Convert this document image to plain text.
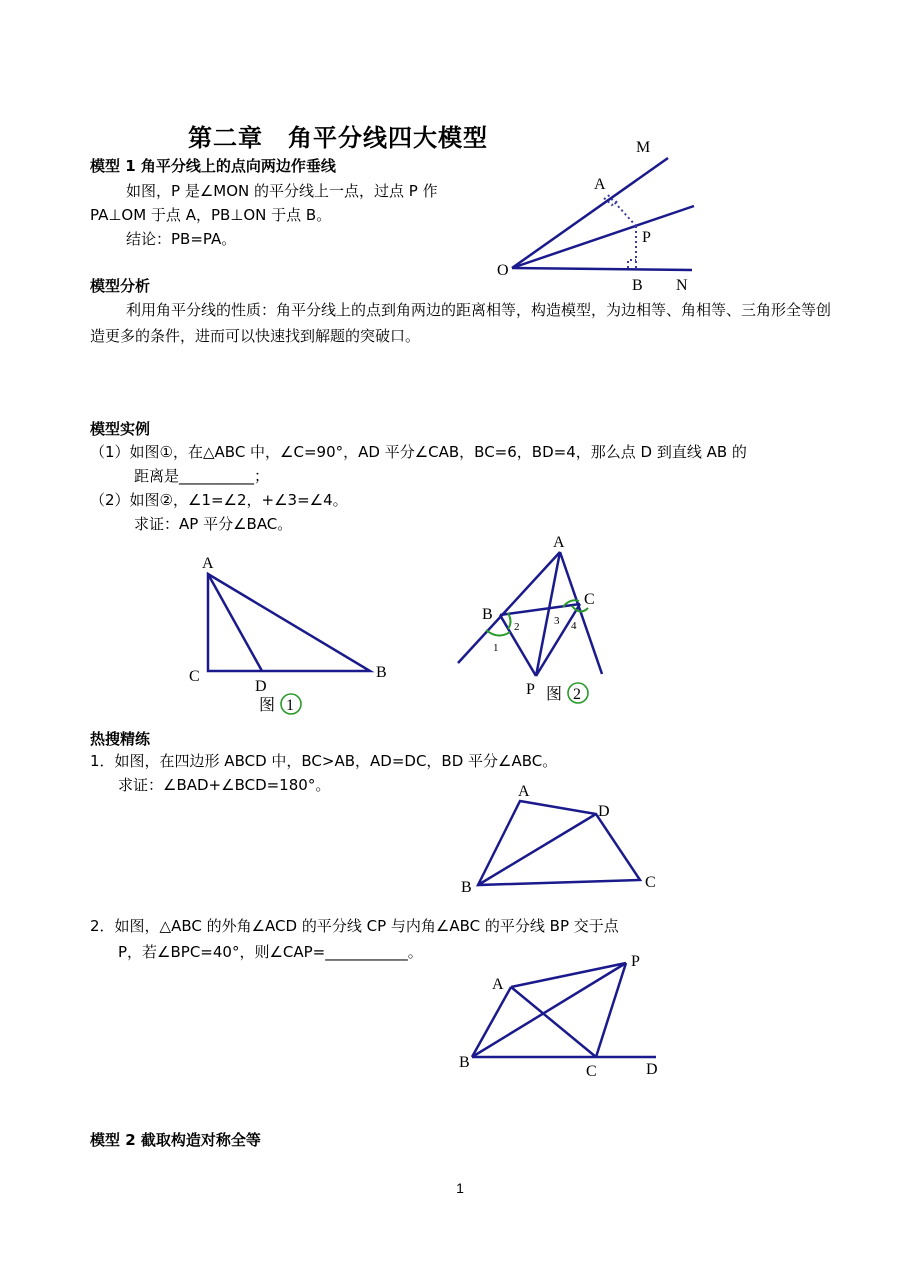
第二章　角平分线四大模型
模型 1 角平分线上的点向两边作垂线
如图，P 是∠MON 的平分线上一点，过点 P 作
PA⊥OM 于点 A，PB⊥ON 于点 B。
结论：PB=PA。
M
A
P
O
B N
模型分析
利用角平分线的性质：角平分线上的点到角两边的距离相等，构造模型，为边相等、角相等、三角形全等创造更多的条件，进而可以快速找到解题的突破口。
模型实例
（1）如图①，在△ABC 中，∠C=90°，AD 平分∠CAB，BC=6，BD=4，那么点 D 到直线 AB 的
距离是__________；
（2）如图②，∠1=∠2，+∠3=∠4。
求证：AP 平分∠BAC。
A
C
D
B
图 1
A
B
C
P
1
2	3 4
图 2
热搜精练
1．如图，在四边形 ABCD 中，BC>AB，AD=DC，BD 平分∠ABC。
求证：∠BAD+∠BCD=180°。	A
D
B	C
2．如图，△ABC 的外角∠ACD 的平分线 CP 与内角∠ABC 的平分线 BP 交于点
P，若∠BPC=40°，则∠CAP=___________。
A
P
B
C	D
模型 2 截取构造对称全等
1
